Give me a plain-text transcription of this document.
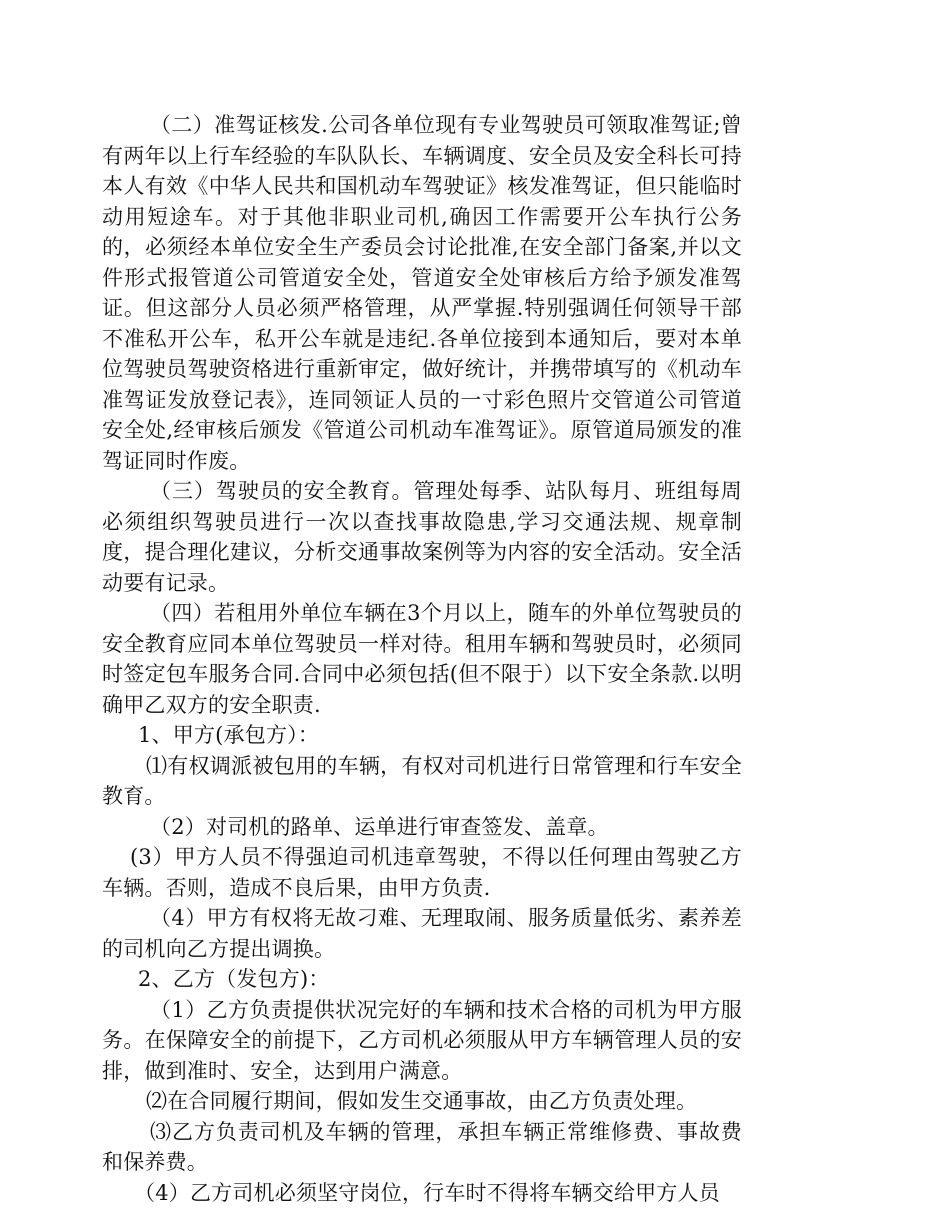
（二）准驾证核发.公司各单位现有专业驾驶员可领取准驾证;曾有两年以上行车经验的车队队长、车辆调度、安全员及安全科长可持本人有效《中华人民共和国机动车驾驶证》核发准驾证，但只能临时动用短途车。对于其他非职业司机,确因工作需要开公车执行公务的，必须经本单位安全生产委员会讨论批准,在安全部门备案,并以文件形式报管道公司管道安全处，管道安全处审核后方给予颁发准驾证。但这部分人员必须严格管理，从严掌握.特别强调任何领导干部不准私开公车，私开公车就是违纪.各单位接到本通知后，要对本单位驾驶员驾驶资格进行重新审定，做好统计，并携带填写的《机动车准驾证发放登记表》，连同领证人员的一寸彩色照片交管道公司管道安全处,经审核后颁发《管道公司机动车准驾证》。原管道局颁发的准驾证同时作废。

（三）驾驶员的安全教育。管理处每季、站队每月、班组每周必须组织驾驶员进行一次以查找事故隐患,学习交通法规、规章制度，提合理化建议，分析交通事故案例等为内容的安全活动。安全活动要有记录。

（四）若租用外单位车辆在3个月以上，随车的外单位驾驶员的安全教育应同本单位驾驶员一样对待。租用车辆和驾驶员时，必须同时签定包车服务合同.合同中必须包括(但不限于）以下安全条款.以明确甲乙双方的安全职责.

1、甲方(承包方）：

⑴有权调派被包用的车辆，有权对司机进行日常管理和行车安全教育。

（2）对司机的路单、运单进行审查签发、盖章。

(3）甲方人员不得强迫司机违章驾驶，不得以任何理由驾驶乙方车辆。否则，造成不良后果，由甲方负责.

（4）甲方有权将无故刁难、无理取闹、服务质量低劣、素养差的司机向乙方提出调换。

2、乙方（发包方)：

（1）乙方负责提供状况完好的车辆和技术合格的司机为甲方服务。在保障安全的前提下，乙方司机必须服从甲方车辆管理人员的安排，做到准时、安全，达到用户满意。

⑵在合同履行期间，假如发生交通事故，由乙方负责处理。

⑶乙方负责司机及车辆的管理，承担车辆正常维修费、事故费和保养费。

（4）乙方司机必须坚守岗位，行车时不得将车辆交给甲方人员
